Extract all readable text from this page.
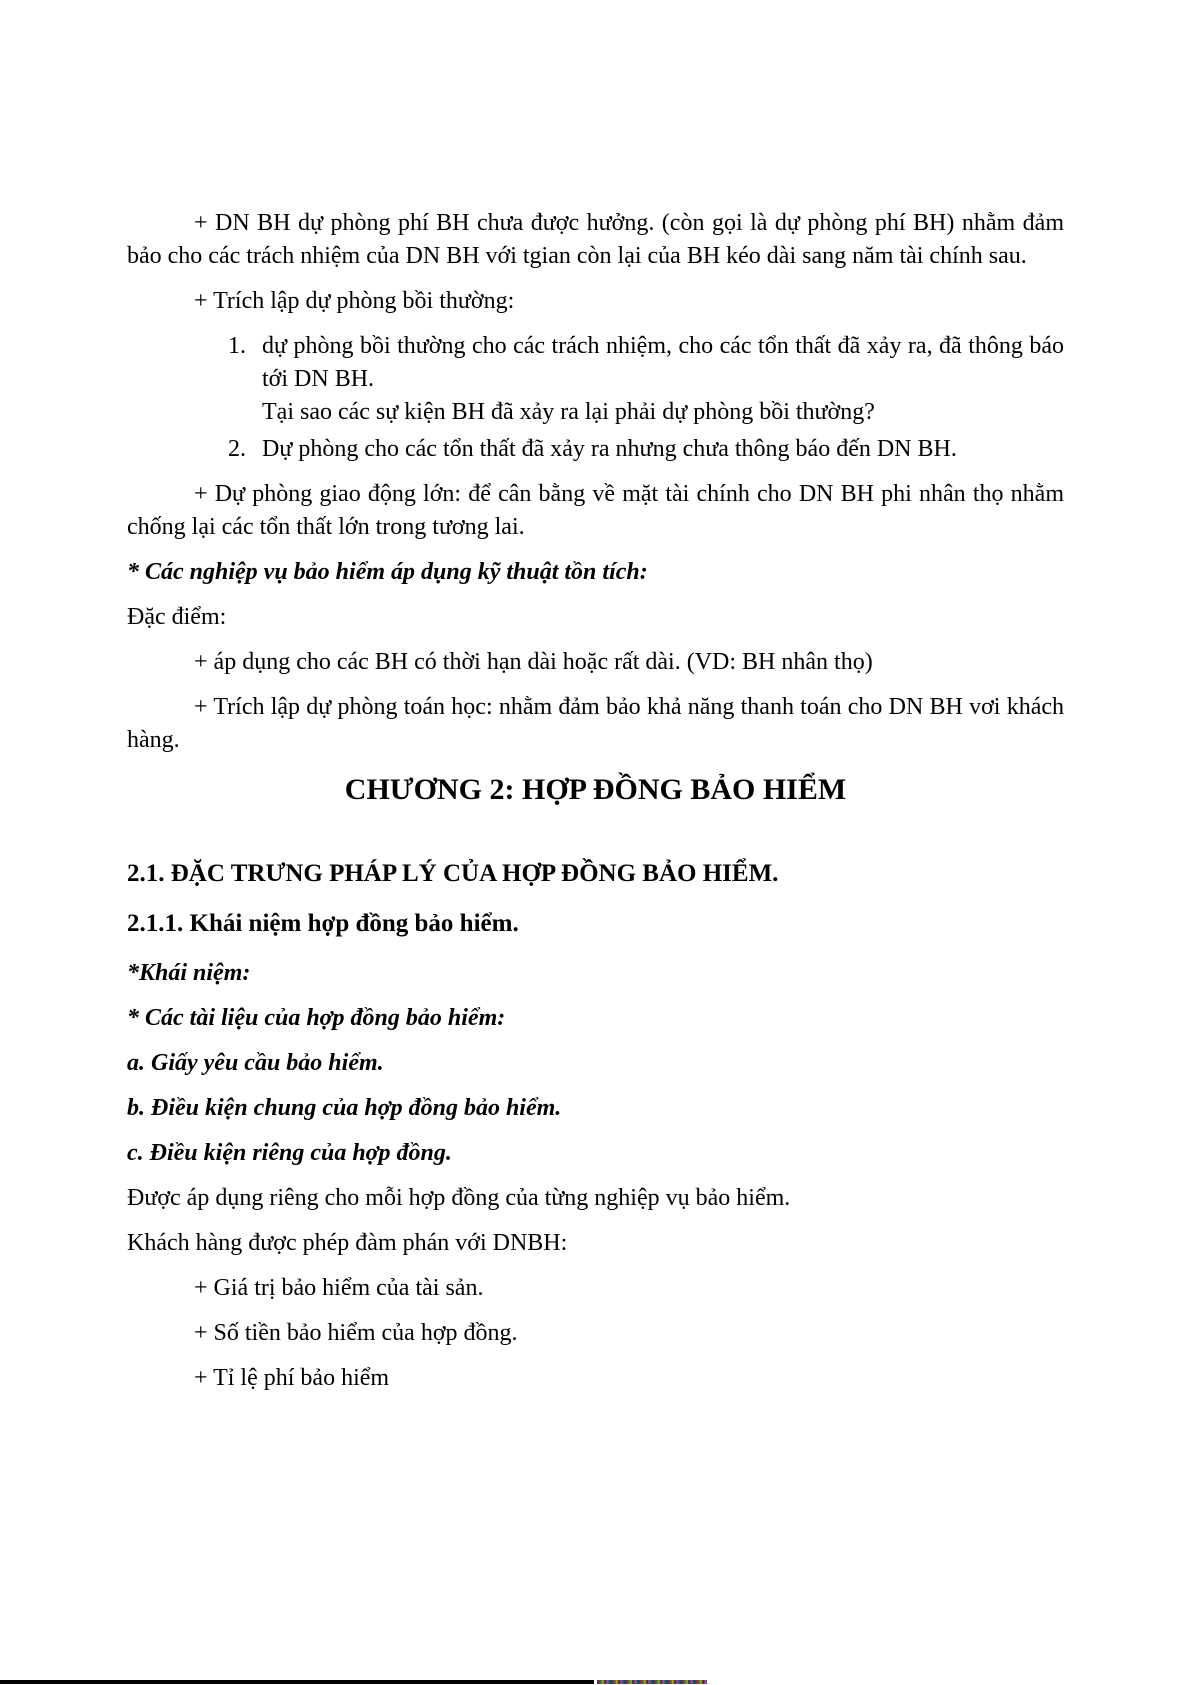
+ DN BH dự phòng phí BH chưa được hưởng. (còn gọi là dự phòng phí BH) nhằm đảm bảo cho các trách nhiệm của DN BH với tgian còn lại của BH kéo dài sang năm tài chính sau.

+ Trích lập dự phòng bồi thường:

1. dự phòng bồi thường cho các trách nhiệm, cho các tổn thất đã xảy ra, đã thông báo tới DN BH.
Tại sao các sự kiện BH đã xảy ra lại phải dự phòng bồi thường?
2. Dự phòng cho các tổn thất đã xảy ra nhưng chưa thông báo đến DN BH.

+ Dự phòng giao động lớn: để cân bằng về mặt tài chính cho DN BH phi nhân thọ nhằm chống lại các tổn thất lớn trong tương lai.

* Các nghiệp vụ bảo hiểm áp dụng kỹ thuật tồn tích:

Đặc điểm:

+ áp dụng cho các BH có thời hạn dài hoặc rất dài. (VD: BH nhân thọ)

+ Trích lập dự phòng toán học: nhằm đảm bảo khả năng thanh toán cho DN BH vơi khách hàng.

CHƯƠNG 2: HỢP ĐỒNG BẢO HIỂM
2.1. ĐẶC TRƯNG PHÁP LÝ CỦA HỢP ĐỒNG BẢO HIỂM.
2.1.1. Khái niệm hợp đồng bảo hiểm.

*Khái niệm:

* Các tài liệu của hợp đồng bảo hiểm:

a. Giấy yêu cầu bảo hiểm.

b. Điều kiện chung của hợp đồng bảo hiểm.

c. Điều kiện riêng của hợp đồng.

Được áp dụng riêng cho mỗi hợp đồng của từng nghiệp vụ bảo hiểm.

Khách hàng được phép đàm phán với DNBH:

+ Giá trị bảo hiểm của tài sản.

+ Số tiền bảo hiểm của hợp đồng.

+ Tỉ lệ phí bảo hiểm
